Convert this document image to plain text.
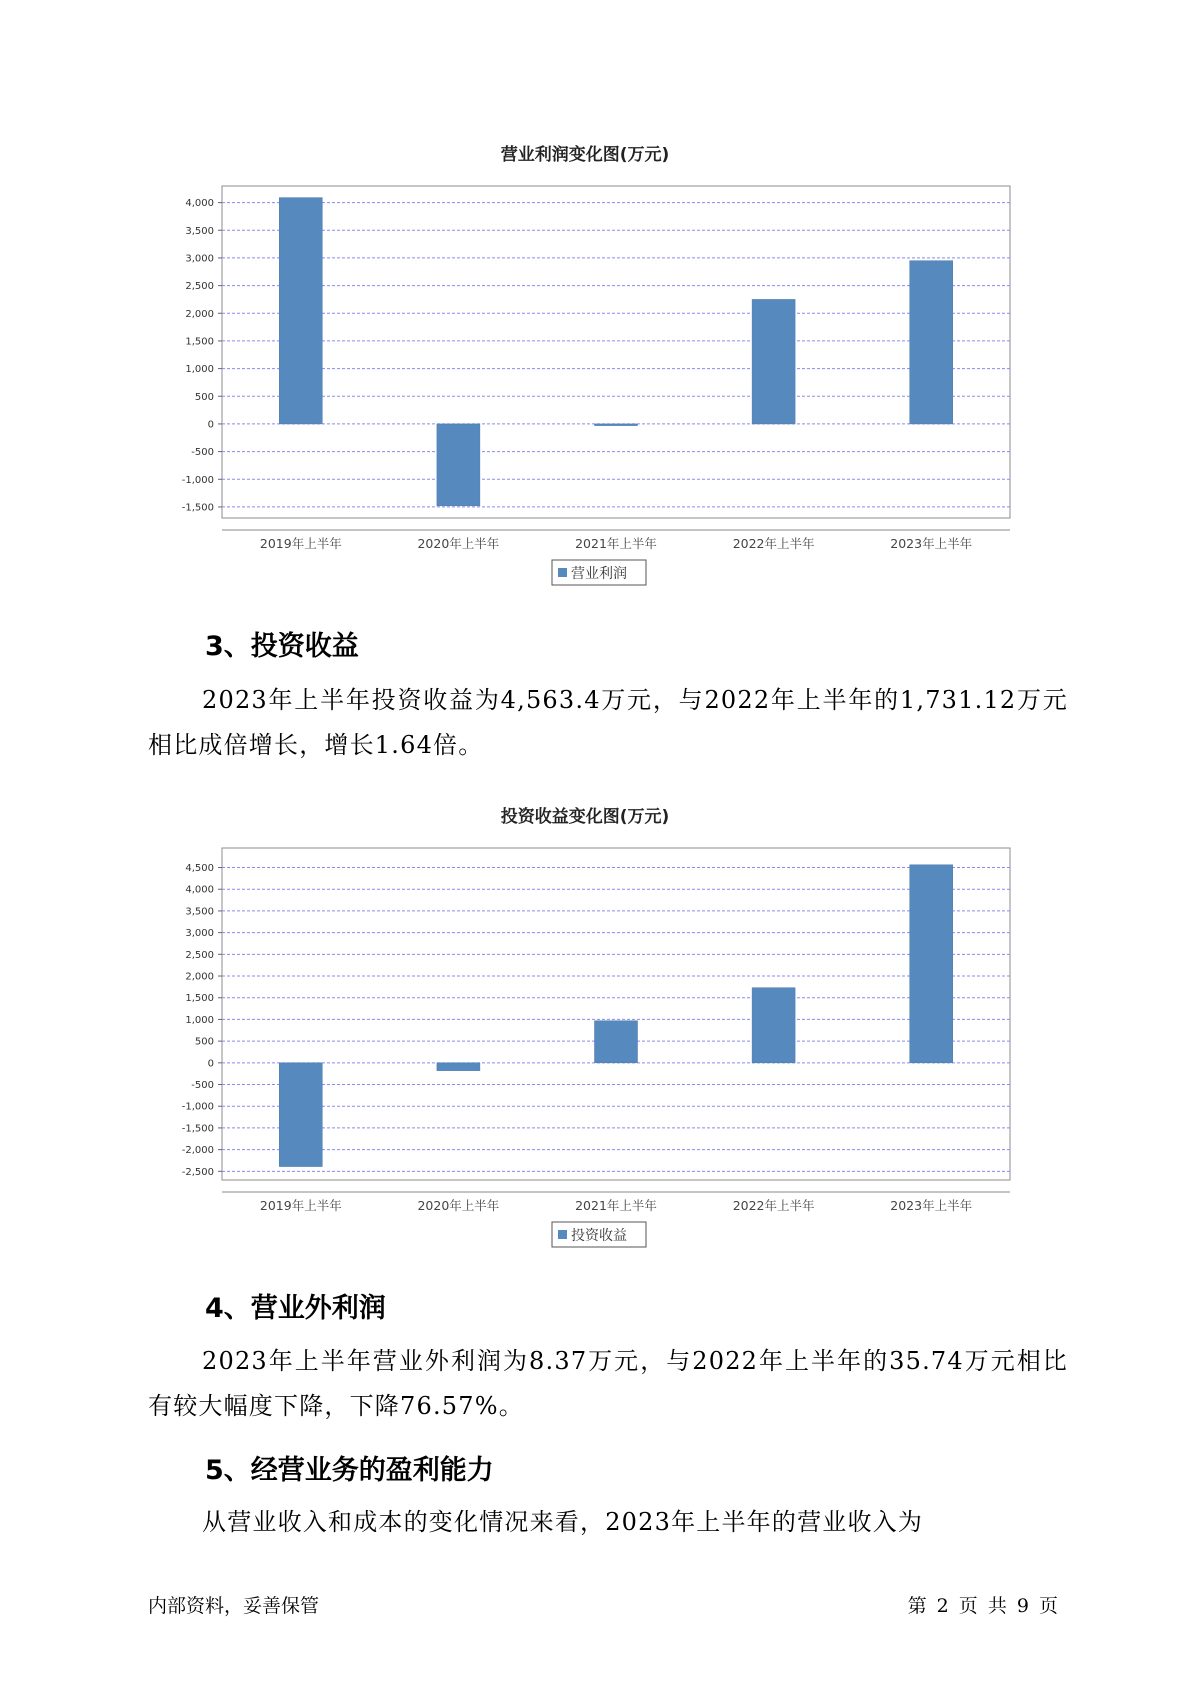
营业利润变化图(万元)
4,000
3,500
3,000
2,500
2,000
1,500
1,000
500
0
-500
-1,000
-1,500
2019年上半年	2020年上半年	2021年上半年	2022年上半年	2023年上半年
营业利润
3、投资收益

2023年上半年投资收益为4,563.4万元，与2022年上半年的1,731.12万元相比成倍增长，增长1.64倍。

投资收益变化图(万元)
4,500
4,000
3,500
3,000
2,500
2,000
1,500
1,000
500
0
-500
-1,000
-1,500
-2,000
-2,500
2019年上半年	2020年上半年	2021年上半年	2022年上半年	2023年上半年
投资收益
4、营业外利润

2023年上半年营业外利润为8.37万元，与2022年上半年的35.74万元相比有较大幅度下降，下降76.57%。

5、经营业务的盈利能力

从营业收入和成本的变化情况来看，2023年上半年的营业收入为

内部资料，妥善保管	第 2 页 共 9 页
